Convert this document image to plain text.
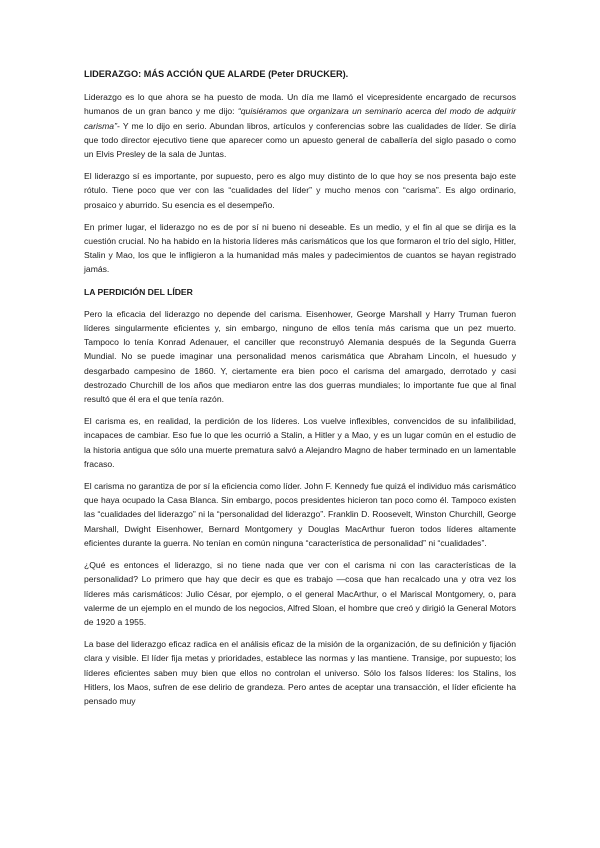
LIDERAZGO: MÁS ACCIÓN QUE ALARDE (Peter DRUCKER).

Liderazgo es lo que ahora se ha puesto de moda. Un día me llamó el vicepresidente encargado de recursos humanos de un gran banco y me dijo: “quisiéramos que organizara un seminario acerca del modo de adquirir carisma”- Y me lo dijo en serio. Abundan libros, artículos y conferencias sobre las cualidades de líder. Se diría que todo director ejecutivo tiene que aparecer como un apuesto general de caballería del siglo pasado o como un Elvis Presley de la sala de Juntas.

El liderazgo sí es importante, por supuesto, pero es algo muy distinto de lo que hoy se nos presenta bajo este rótulo. Tiene poco que ver con las “cualidades del líder” y mucho menos con “carisma”. Es algo ordinario, prosaico y aburrido. Su esencia es el desempeño.

En primer lugar, el liderazgo no es de por sí ni bueno ni deseable. Es un medio, y el fin al que se dirija es la cuestión crucial. No ha habido en la historia líderes más carismáticos que los que formaron el trío del siglo, Hitler, Stalin y Mao, los que le infligieron a la humanidad más males y padecimientos de cuantos se hayan registrado jamás.

LA PERDICIÓN DEL LÍDER

Pero la eficacia del liderazgo no depende del carisma. Eisenhower, George Marshall y Harry Truman fueron líderes singularmente eficientes y, sin embargo, ninguno de ellos tenía más carisma que un pez muerto. Tampoco lo tenía Konrad Adenauer, el canciller que reconstruyó Alemania después de la Segunda Guerra Mundial. No se puede imaginar una personalidad menos carismática que Abraham Lincoln, el huesudo y desgarbado campesino de 1860. Y, ciertamente era bien poco el carisma del amargado, derrotado y casi destrozado Churchill de los años que mediaron entre las dos guerras mundiales; lo importante fue que al final resultó que él era el que tenía razón.

El carisma es, en realidad, la perdición de los líderes. Los vuelve inflexibles, convencidos de su infalibilidad, incapaces de cambiar. Eso fue lo que les ocurrió a Stalin, a Hitler y a Mao, y es un lugar común en el estudio de la historia antigua que sólo una muerte prematura salvó a Alejandro Magno de haber terminado en un lamentable fracaso.

El carisma no garantiza de por sí la eficiencia como líder. John F. Kennedy fue quizá el individuo más carismático que haya ocupado la Casa Blanca. Sin embargo, pocos presidentes hicieron tan poco como él. Tampoco existen las “cualidades del liderazgo” ni la “personalidad del liderazgo”. Franklin D. Roosevelt, Winston Churchill, George Marshall, Dwight Eisenhower, Bernard Montgomery y Douglas MacArthur fueron todos líderes altamente eficientes durante la guerra. No tenían en común ninguna “característica de personalidad” ni “cualidades”.

¿Qué es entonces el liderazgo, si no tiene nada que ver con el carisma ni con las características de la personalidad? Lo primero que hay que decir es que es trabajo —cosa que han recalcado una y otra vez los líderes más carismáticos: Julio César, por ejemplo, o el general MacArthur, o el Mariscal Montgomery, o, para valerme de un ejemplo en el mundo de los negocios, Alfred Sloan, el hombre que creó y dirigió la General Motors de 1920 a 1955.

La base del liderazgo eficaz radica en el análisis eficaz de la misión de la organización, de su definición y fijación clara y visible. El líder fija metas y prioridades, establece las normas y las mantiene. Transige, por supuesto; los líderes eficientes saben muy bien que ellos no controlan el universo. Sólo los falsos líderes: los Stalins, los Hitlers, los Maos, sufren de ese delirio de grandeza. Pero antes de aceptar una transacción, el líder eficiente ha pensado muy
